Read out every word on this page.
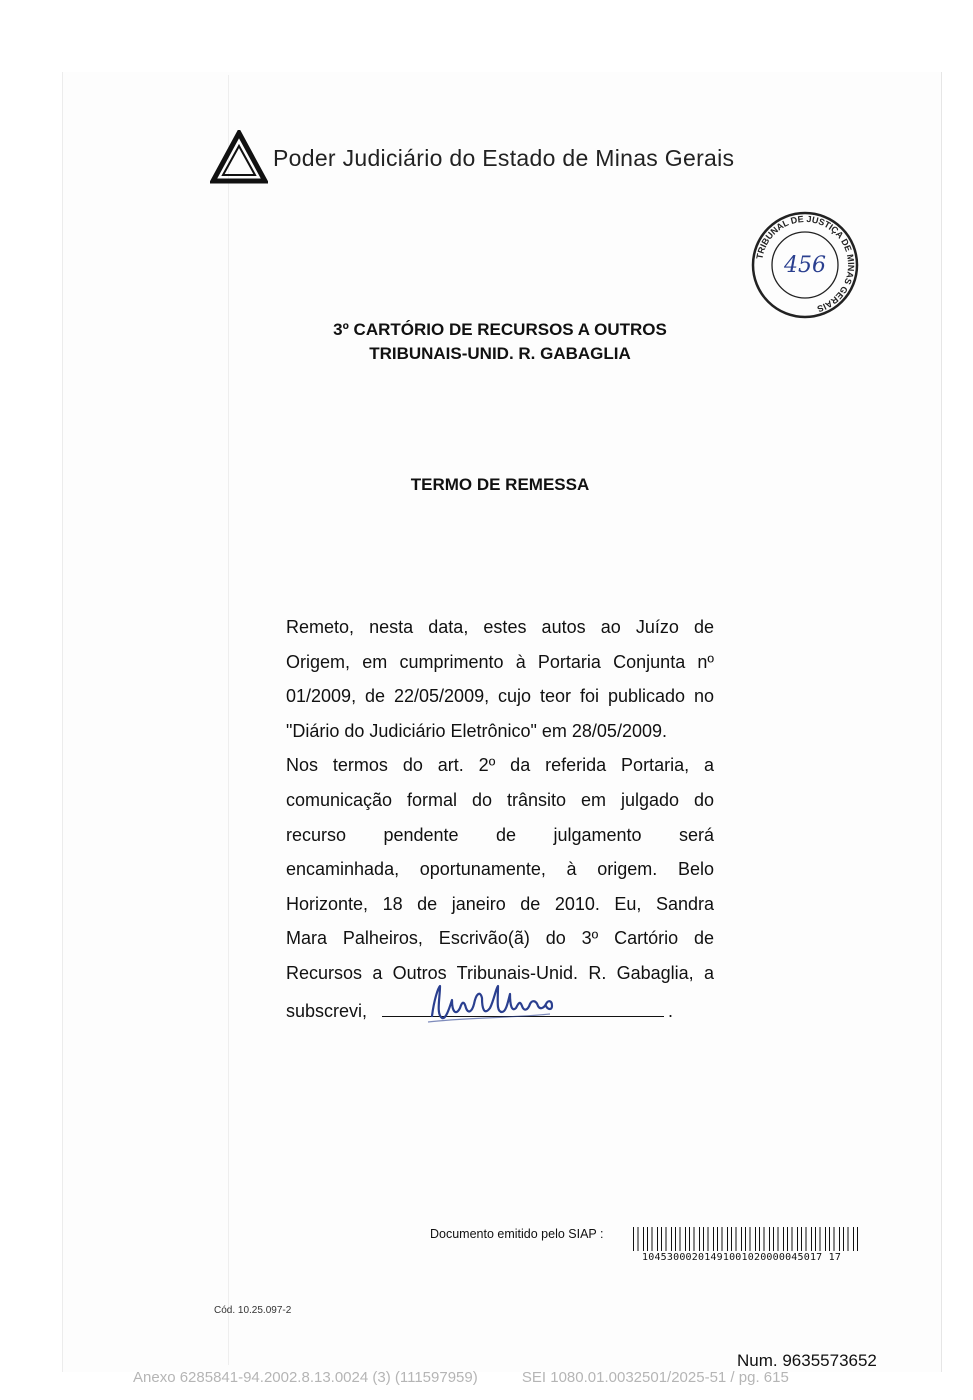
Poder Judiciário do Estado de Minas Gerais
TRIBUNAL DE JUSTIÇA DE MINAS GERAIS
456
3º CARTÓRIO DE RECURSOS A OUTROS
TRIBUNAIS-UNID. R. GABAGLIA
TERMO DE REMESSA
Remeto, nesta data, estes autos ao Juízo de
Origem, em cumprimento à Portaria Conjunta nº
01/2009, de 22/05/2009, cujo teor foi publicado no
"Diário do Judiciário Eletrônico" em 28/05/2009.
Nos termos do art. 2º da referida Portaria, a
comunicação formal do trânsito em julgado do
recurso pendente de julgamento será
encaminhada, oportunamente, à origem. Belo
Horizonte, 18 de janeiro de 2010. Eu, Sandra
Mara Palheiros, Escrivão(ã) do 3º Cartório de
Recursos a Outros Tribunais-Unid. R. Gabaglia, a
subscrevi,	.
Documento emitido pelo SIAP :
10453000201491001020000045017 17
Cód. 10.25.097-2
Num. 9635573652
Anexo 6285841-94.2002.8.13.0024 (3) (111597959)	SEI 1080.01.0032501/2025-51 / pg. 615
